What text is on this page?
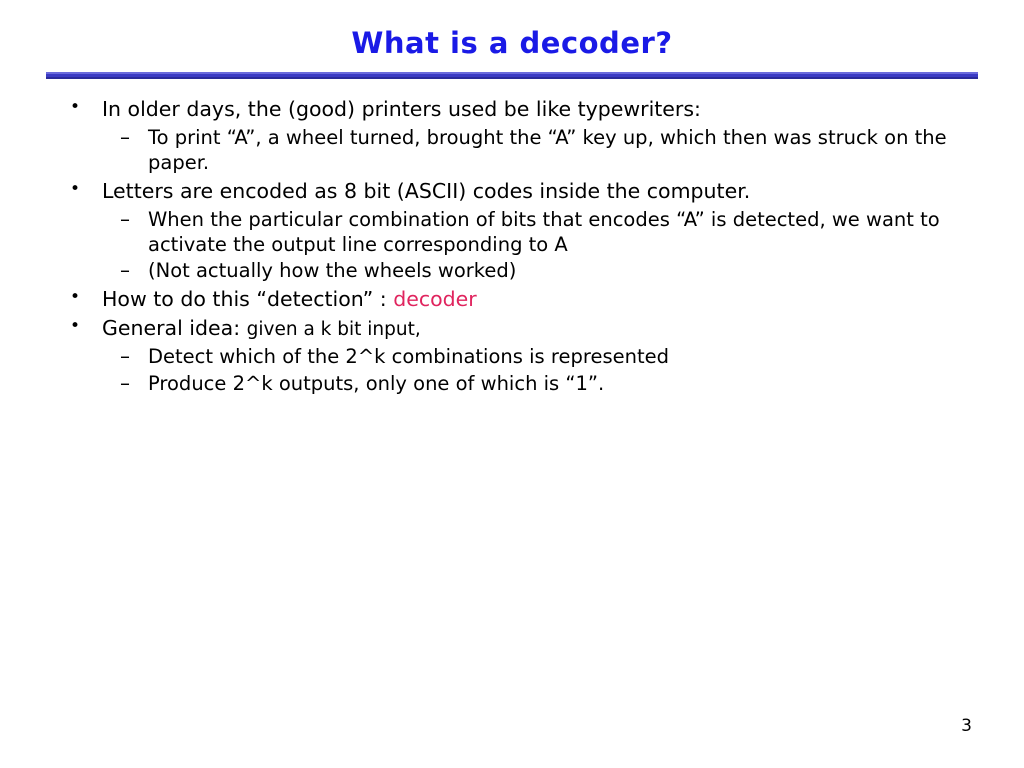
What is a decoder?
• In older days, the (good) printers used be like typewriters:
– To print “A”, a wheel turned, brought the “A” key up, which then was struck on the paper.
• Letters are encoded as 8 bit (ASCII) codes inside the computer.
– When the particular combination of bits that encodes “A” is detected, we want to activate the output line corresponding to A
– (Not actually how the wheels worked)
• How to do this “detection” : decoder
• General idea: given a k bit input,
– Detect which of the 2^k combinations is represented
– Produce 2^k outputs, only one of which is “1”.
3
